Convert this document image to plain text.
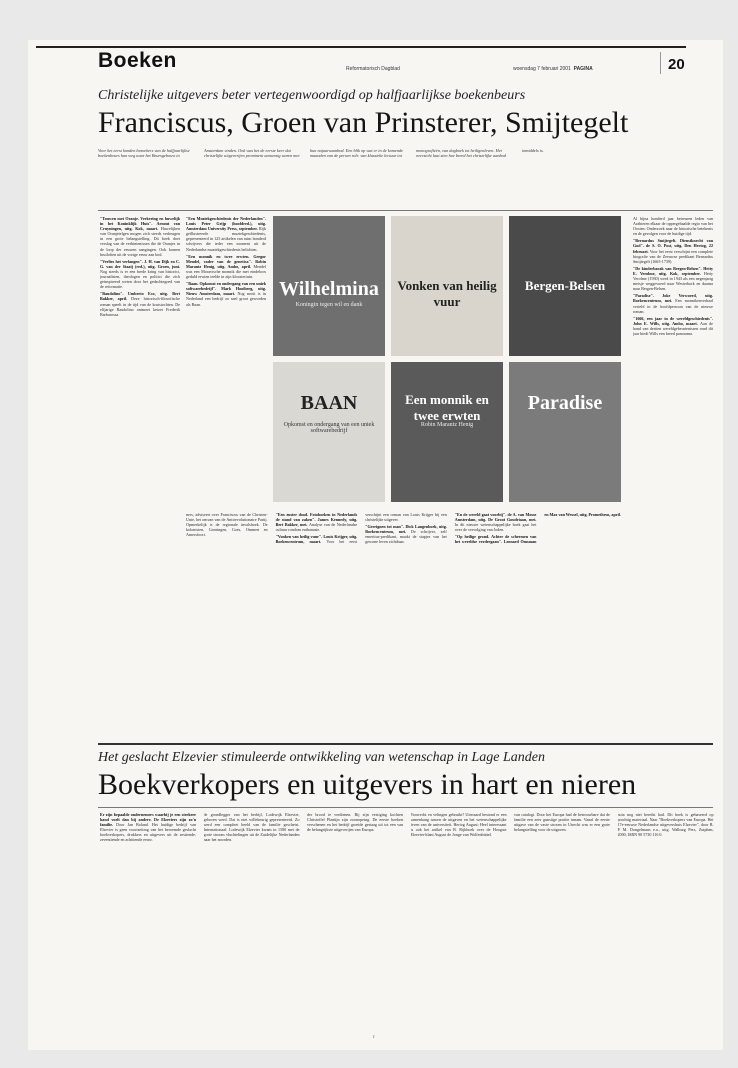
Boeken	Reformatorisch Dagblad	woensdag 7 februari 2001 PAGINA	20
Christelijke uitgevers beter vertegenwoordigd op halfjaarlijkse boekenbeurs
Franciscus, Groen van Prinsterer, Smijtegelt
Voor het eerst konden bezoekers van de halfjaarlijkse boekenbeurs hun weg naar het Beursgebouw in Amsterdam vinden. Ook was het de eerste keer dat christelijke uitgeverijen prominent aanwezig waren met hun najaarsaanbod. Een blik op wat er in de komende maanden van de persen rolt: van klassieke lectuur tot monografieën, van dagboek tot heiligenleven. Het overzicht laat zien hoe breed het christelijke aanbod inmiddels is.

"Touwen met Oranje. Verkering en huwelijk in het Koninklijk Huis". Arnout van Cruyningen, uitg. Kok, maart. Huwelijken van Oranjetelgen mogen zich steeds verheugen in een grote belangstelling. Dit boek doet verslag van de verbintenissen die de Oranjes in de loop der eeuwen aangingen. Ook komen bruiloften uit de vorige eeuw aan bod.

"Verlies het verlangen". J. H. van Dijk en C. G. van der Staaij (red.), uitg. Groen, juni. Nog steeds is er een brede kring van historici, journalisten, theologen en politici die zich geïnspireerd weten door het gedachtegoed van de reformatie.

"Baudolino". Umberto Eco, uitg. Bert Bakker, april. Deze historisch-filosofische roman speelt in de tijd van de kruistochten. De elfjarige Baudolino ontmoet keizer Frederik Barbarossa.

"Een Muziekgeschiedenis der Nederlanden". Louis Peter Grijp (hoofdred.), uitg. Amsterdam University Press, september. Rijk geïllustreerde muziekgeschiedenis, gepresenteerd in 125 artikelen van ruim honderd schrijvers die ieder een moment uit de Nederlandse muziekgeschiedenis belichten.

"Een monnik en twee erwten. Gregor Mendel, vader van de genetica". Robin Marantz Henig, uitg. Ambo, april. Mendel was een Moravische monnik die met eindeloos geduld erwten teelde in zijn kloostertuin.

"Baan. Opkomst en ondergang van een uniek softwarebedrijf". Mark Hooiberg, uitg. Nieuw Amsterdam, maart. Nog nooit is in Nederland een bedrijf zo snel groot geworden als Baan.

Wilhelmina
Koningin tegen wil en dank
Vonken van heilig vuur
Bergen-Belsen
BAAN
Opkomst en ondergang van een uniek softwarebedrijf
Een monnik en twee erwten
Robin Marantz Henig
Paradise

ners, adviseert over Franciscus van de Christen-Unie, het omvan van de Antirevolutionaire Partij. Opmerkelijk is de regionale invalshoek. De kolonisten, Groningen, Goes, Ommen en Amersfoort.

"Een zuster dood. Fotoboeken in Nederlands de stand van zaken". James Kennedy, uitg. Bert Bakker, mei. Analyse van de Nederlandse cultuur rondom euthanasie.

"Vonken van heilig vuur". Louis Krijger, uitg. Boekencentrum, maart. Voor het eerst verschijnt een roman van Louis Krijger bij een christelijke uitgever.

"Gerrignen tot man". Dick Langenboek, uitg. Boekencentrum, mei. De schrijver, zelf emeritus-predikant, maakt de stapjes van het gewone leven zichtbaar.

"En de wereld gaat voorbij". de A. van Mosse Amsterdam, uitg. De Groot Goudriaan, mei. In dit nieuwe wetenschappelijke boek gaat het over de vervolging van Joden.

"Op heilige grond. Achter de schermen van het wereldse verdergaan". Leonard Omsman en Max van Wessel, uitg. Prometheus, april.

Al bijna honderd jaar betreuren leden van Arabieren elkaar de oppergehaalde regio van het Oosten. Onderzoek naar de historische betekenis en de gevolgen voor de huidige tijd.

"Bernardus Smijtegelt. Dienstknecht van God". de S. O. Post, uitg. Den Hertog, 22 februari. Voor het eerst verschijnt een complete biografie van de Zeeuwse predikant Bernardus Smijtegelt (1665-1739).

"De kinderbarak van Bergen-Belsen". Hetty E. Verolme, uitg. Kok, september. Hetty Verolme (1930) werd in 1943 als een negenjarig meisje weggevoerd naar Westerbork en daarna naar Bergen-Belsen.

"Paradise". Joke Verwoerd, uitg. Boekencentrum, mei. Een monnikenverhaal verteld in de hoofdpersoon van de nieuwe roman.

"1666, een jaar in de wereldgeschiedenis". John E. Wills, uitg. Ambo, maart. Aan de hand van dertien wereldgebeurtenissen rond dit jaar biedt Wills een breed panorama.

Het geslacht Elzevier stimuleerde ontwikkeling van wetenschap in Lage Landen
Boekverkopers en uitgevers in hart en nieren

Er zijn bepaalde ondernemers waarbij je een sterkere band voelt dan bij andere. De Elzeviers zijn zo'n familie. Door Jan Boland. Het huidige bedrijf van Elsevier is geen voortzetting van het beroemde geslacht boekverkopers, drukkers en uitgevers uit de zestiende, zeventiende en achttiende eeuw.

de grondlegger van het bedrijf, Lodewijk Elzevier, geboren werd. Dat is niet willekeurig gepresenteerd. Zo werd een compleet beeld van de familie geschetst. Internationaal: Lodewijk Elzevier kwam in 1580 met de grote stroom vluchtelingen uit de Zuidelijke Nederlanden naar het noorden.

der brood te verdienen. Bij zijn vestiging kochten Christoffel Plantijn zijn zoonopeing. De eerste boeken verschenen en het bedrijf groeide gestaag uit tot een van de belangrijkste uitgeverijen van Europa.

Voorrecht en velingen gebruikt? Uiteraard bestond er een samenhang tussen de uitgaven en het wetenschappelijke leven van de universiteit. Hertog August: Heel interessant is ook het artikel van B. Rijkhoek over de Hoogste Elzevier-klant August de Jonge van Wolfenbüttel.

van catalogi. Door het Europa had de betrouwbare dat de familie een zeer gunstige positie innam. Vanaf de eerste uitgave van de vaste stroom in Utrecht was er een grote belangstelling voor de uitgaven.

nota nog niet bereikt had. Dit boek is gebaseerd op prachtig materiaal. Naar "Boekverkopers van Europa. Het 17e-eeuwse Nederlandse uitgevershuis Elzevier", door B. P. M. Dongelmans e.a., uitg. Walburg Pers, Zutphen, 2000, ISBN 90 5730 116 0.

r
